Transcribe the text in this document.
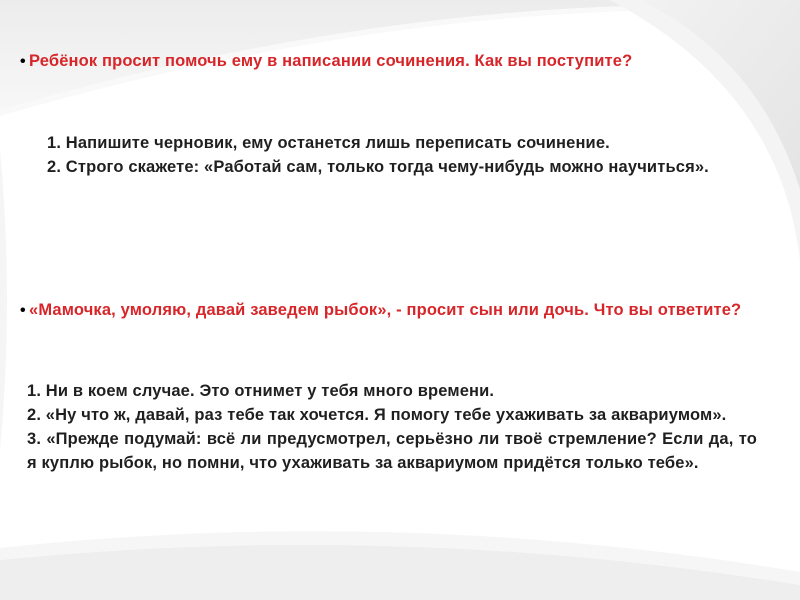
• Ребёнок просит помочь ему в написании сочинения. Как вы поступите?
1. Напишите черновик, ему останется лишь переписать сочинение.
2. Строго скажете: «Работай сам, только тогда чему-нибудь можно научиться».
• «Мамочка, умоляю, давай заведем рыбок», - просит сын или дочь. Что вы ответите?
1. Ни в коем случае. Это отнимет у тебя много времени.
2. «Ну что ж, давай, раз тебе так хочется. Я помогу тебе ухаживать за аквариумом».
3. «Прежде подумай: всё ли предусмотрел, серьёзно ли твоё стремление? Если да, то я куплю рыбок, но помни, что ухаживать за аквариумом придётся только тебе».
